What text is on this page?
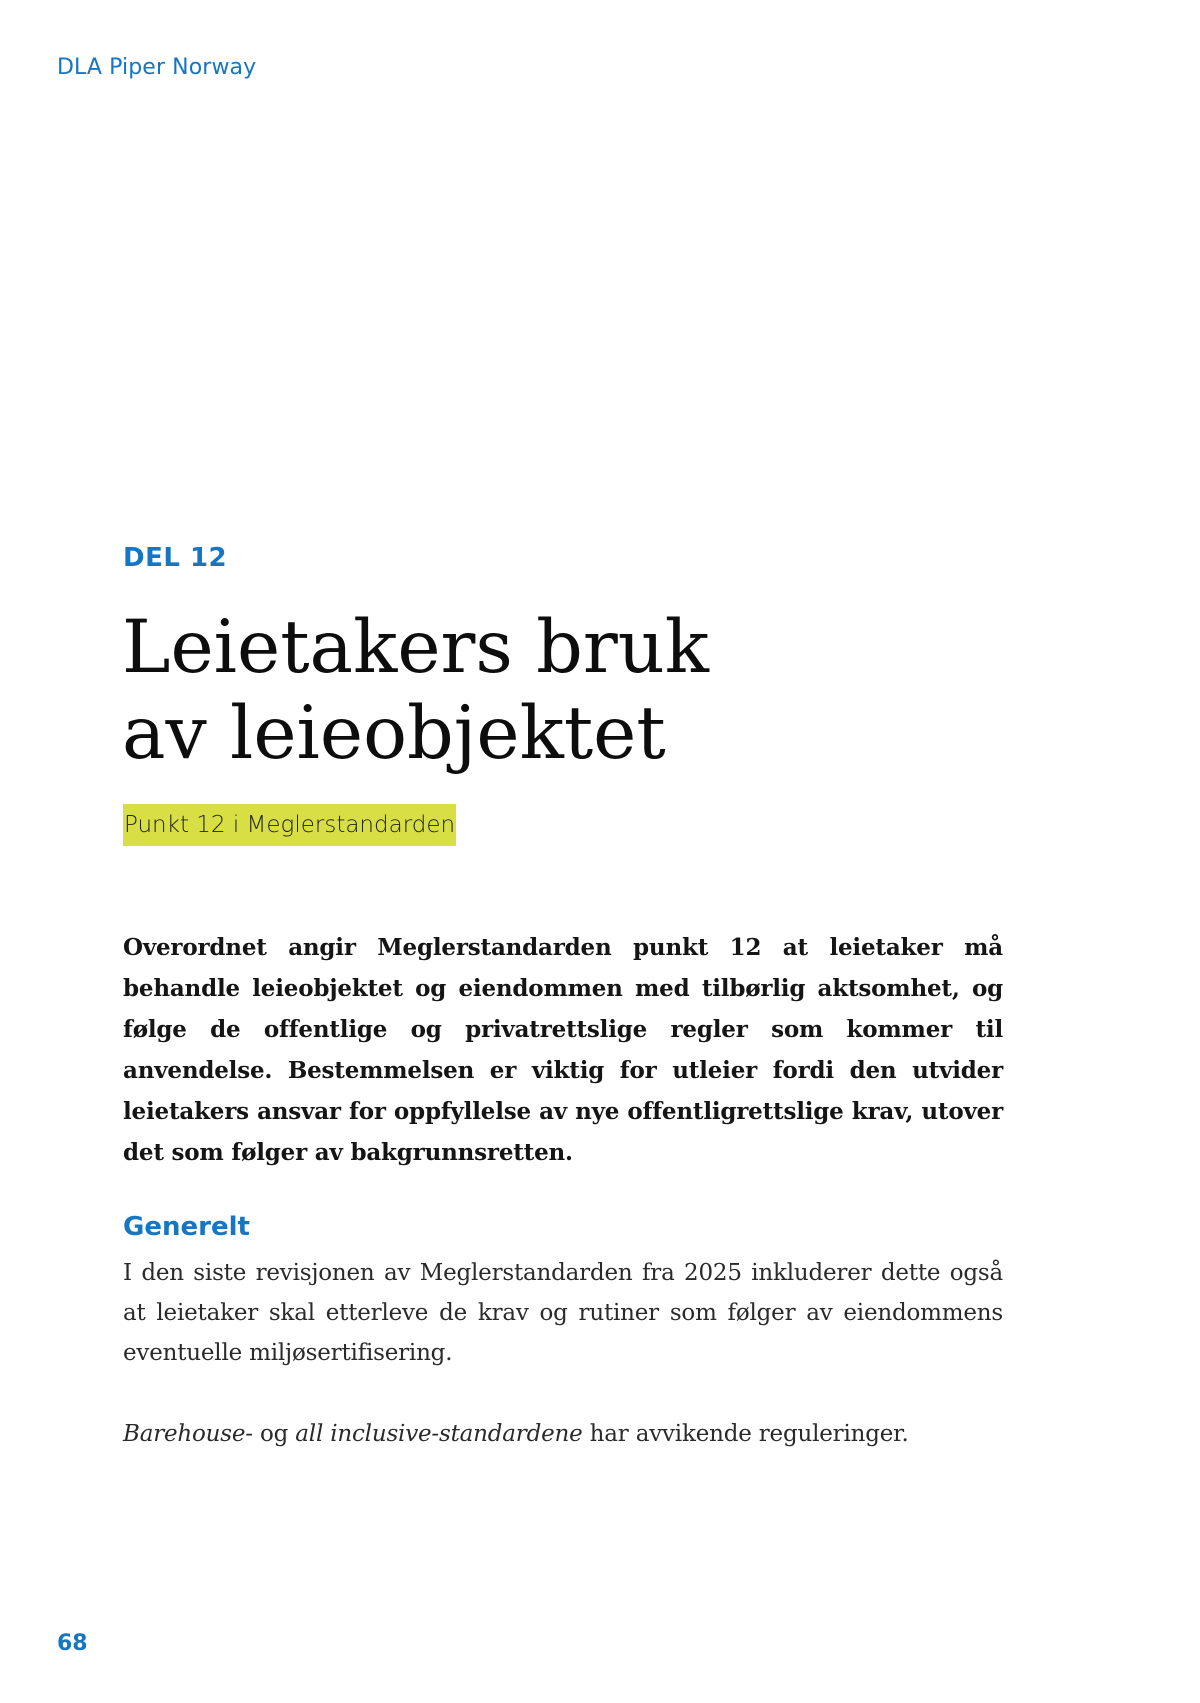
DLA Piper Norway
DEL 12
Leietakers bruk
av leieobjektet
Punkt 12 i Meglerstandarden

Overordnet angir Meglerstandarden punkt 12 at leietaker må behandle leieobjektet og eiendommen med tilbørlig aktsomhet, og følge de offentlige og privatrettslige regler som kommer til anvendelse. Bestemmelsen er viktig for utleier fordi den utvider leietakers ansvar for oppfyllelse av nye offentligrettslige krav, utover det som følger av bakgrunnsretten.

Generelt

I den siste revisjonen av Meglerstandarden fra 2025 inkluderer dette også at leietaker skal etterleve de krav og rutiner som følger av eiendommens eventuelle miljøsertifisering.

Barehouse- og all inclusive-standardene har avvikende reguleringer.

68
